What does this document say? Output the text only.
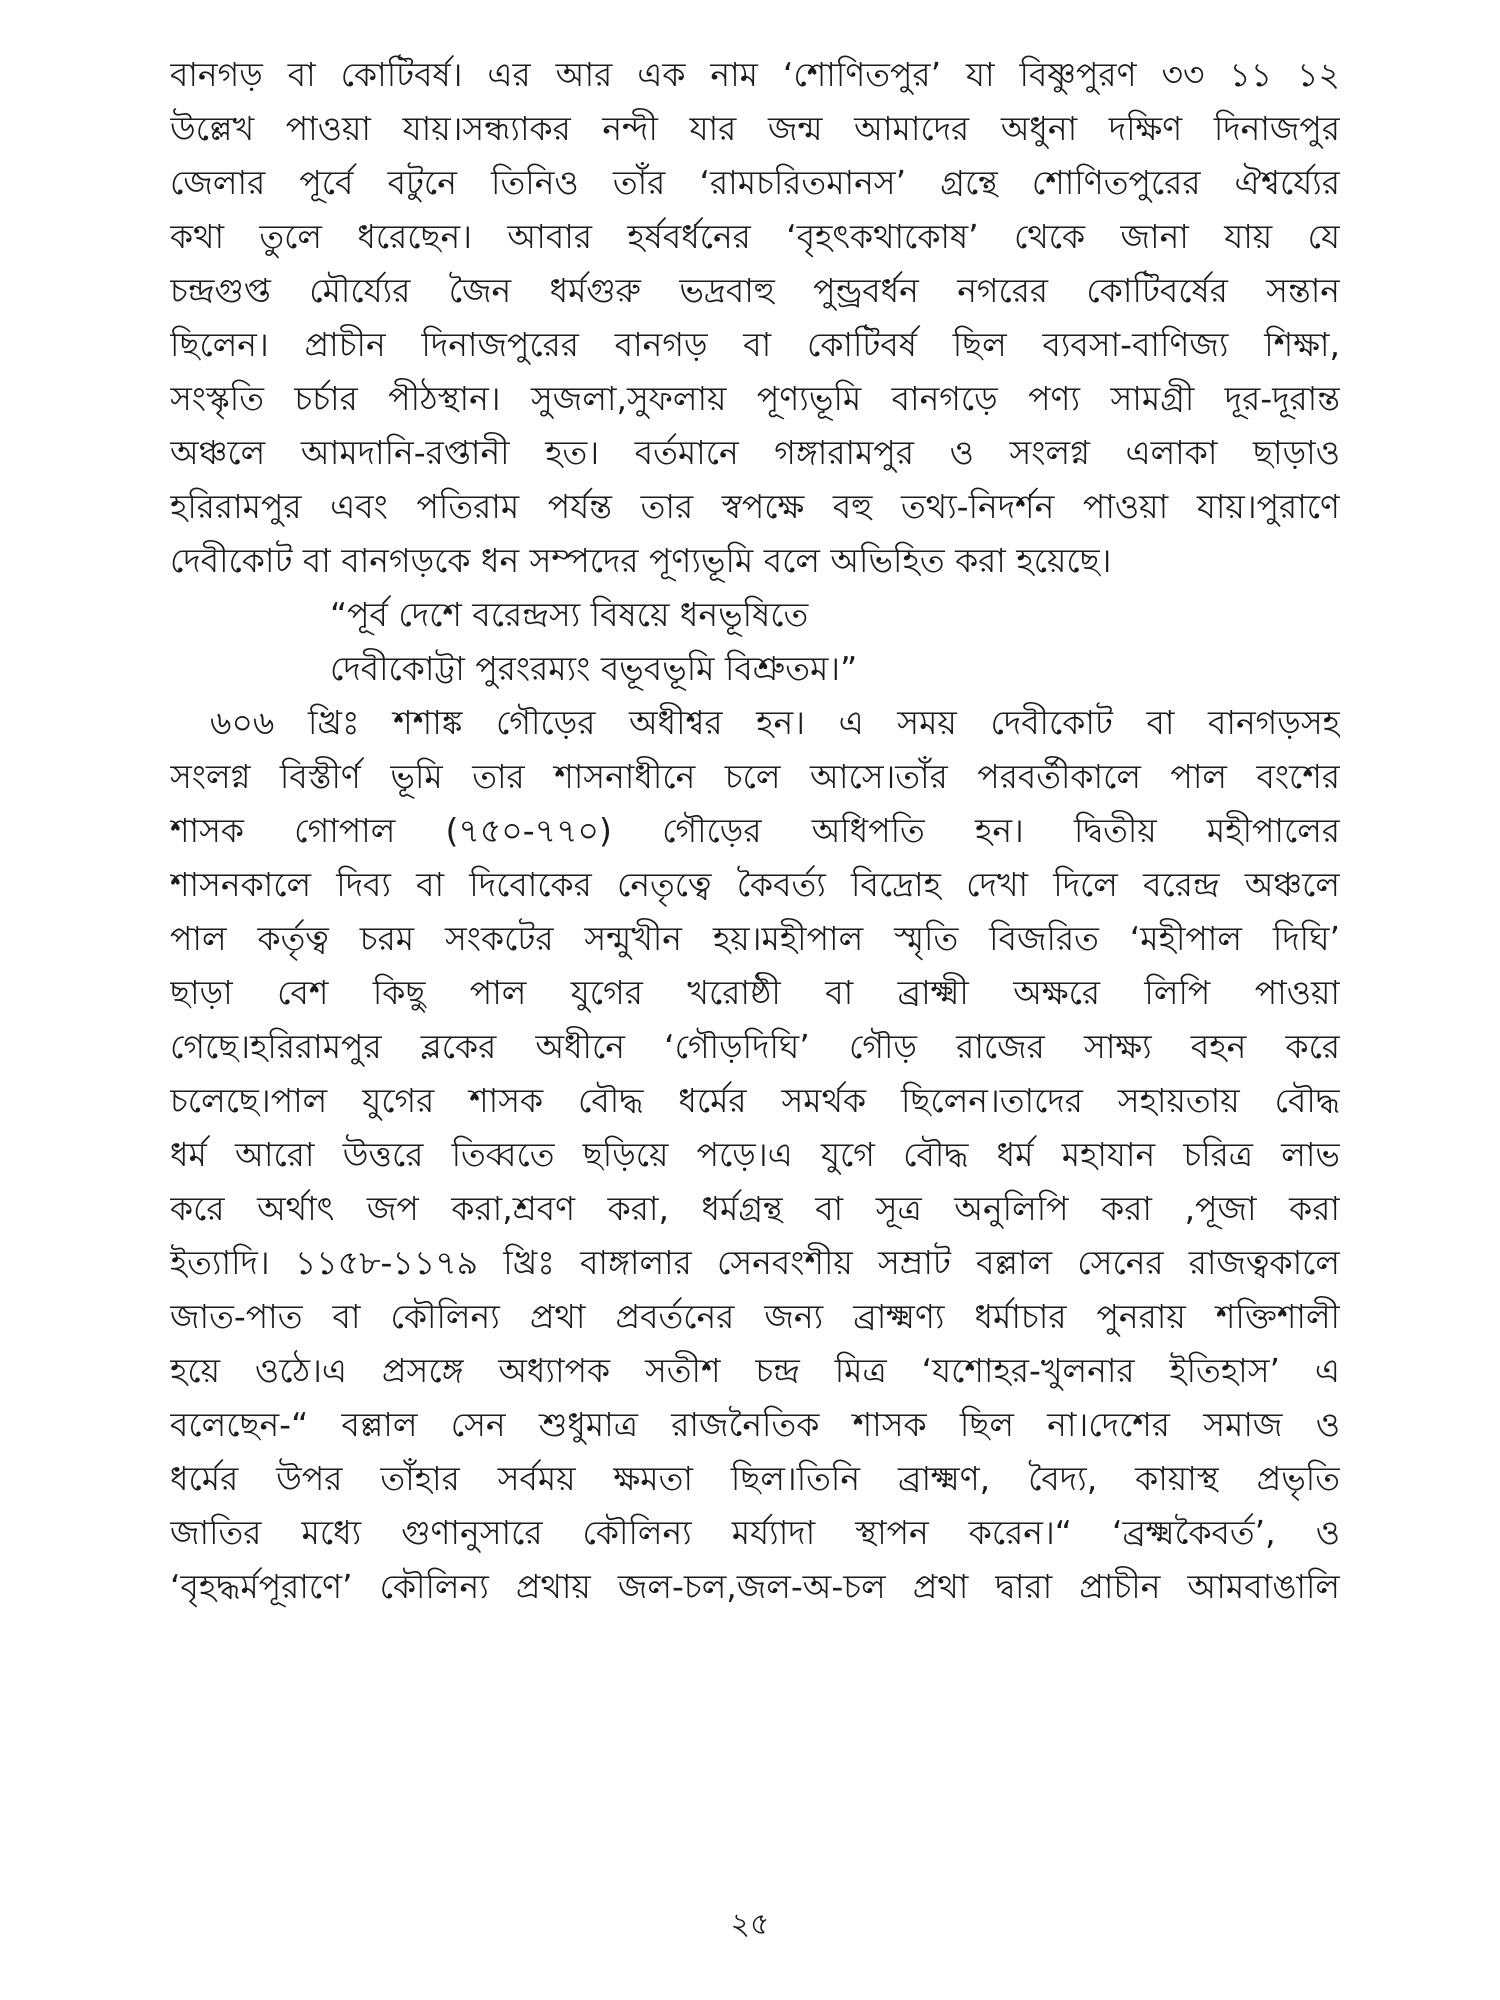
বানগড় বা কোটিবর্ষ। এর আর এক নাম ‘শোণিতপুর’ যা বিষ্ণুপুরণ ৩৩ ১১ ১২
উল্লেখ পাওয়া যায়।সন্ধ্যাকর নন্দী যার জন্ম আমাদের অধুনা দক্ষিণ দিনাজপুর
জেলার পূর্বে বটুনে তিনিও তাঁর ‘রামচরিতমানস’ গ্রন্থে শোণিতপুরের ঐশ্বর্য্যের
কথা তুলে ধরেছেন। আবার হর্ষবর্ধনের ‘বৃহৎকথাকোষ’ থেকে জানা যায় যে
চন্দ্রগুপ্ত মৌর্য্যের জৈন ধর্মগুরু ভদ্রবাহু পুন্ড্রবর্ধন নগরের কোটিবর্ষের সন্তান
ছিলেন। প্রাচীন দিনাজপুরের বানগড় বা কোটিবর্ষ ছিল ব্যবসা-বাণিজ্য শিক্ষা,
সংস্কৃতি চর্চার পীঠস্থান। সুজলা,সুফলায় পূণ্যভূমি বানগড়ে পণ্য সামগ্রী দূর-দূরান্ত
অঞ্চলে আমদানি-রপ্তানী হত। বর্তমানে গঙ্গারামপুর ও সংলগ্ন এলাকা ছাড়াও
হরিরামপুর এবং পতিরাম পর্যন্ত তার স্বপক্ষে বহু তথ্য-নিদর্শন পাওয়া যায়।পুরাণে
দেবীকোট বা বানগড়কে ধন সম্পদের পূণ্যভূমি বলে অভিহিত করা হয়েছে।
“পূর্ব দেশে বরেন্দ্রস্য বিষয়ে ধনভূষিতে
দেবীকোট্টা পুরংরম্যং বভূবভূমি বিশ্রুতম।”
৬০৬ খ্রিঃ শশাঙ্ক গৌড়ের অধীশ্বর হন। এ সময় দেবীকোট বা বানগড়সহ
সংলগ্ন বিস্তীর্ণ ভূমি তার শাসনাধীনে চলে আসে।তাঁর পরবর্তীকালে পাল বংশের
শাসক গোপাল (৭৫০-৭৭০) গৌড়ের অধিপতি হন। দ্বিতীয় মহীপালের
শাসনকালে দিব্য বা দিবোকের নেতৃত্বে কৈবর্ত্য বিদ্রোহ দেখা দিলে বরেন্দ্র অঞ্চলে
পাল কর্তৃত্ব চরম সংকটের সন্মুখীন হয়।মহীপাল স্মৃতি বিজরিত ‘মহীপাল দিঘি’
ছাড়া বেশ কিছু পাল যুগের খরোষ্ঠী বা ব্রাক্ষ্মী অক্ষরে লিপি পাওয়া
গেছে।হরিরামপুর ব্লকের অধীনে ‘গৌড়দিঘি’ গৌড় রাজের সাক্ষ্য বহন করে
চলেছে।পাল যুগের শাসক বৌদ্ধ ধর্মের সমর্থক ছিলেন।তাদের সহায়তায় বৌদ্ধ
ধর্ম আরো উত্তরে তিব্বতে ছড়িয়ে পড়ে।এ যুগে বৌদ্ধ ধর্ম মহাযান চরিত্র লাভ
করে অর্থাৎ জপ করা,শ্রবণ করা, ধর্মগ্রন্থ বা সূত্র অনুলিপি করা ,পূজা করা
ইত্যাদি। ১১৫৮-১১৭৯ খ্রিঃ বাঙ্গালার সেনবংশীয় সম্রাট বল্লাল সেনের রাজত্বকালে
জাত-পাত বা কৌলিন্য প্রথা প্রবর্তনের জন্য ব্রাক্ষ্মণ্য ধর্মাচার পুনরায় শক্তিশালী
হয়ে ওঠে।এ প্রসঙ্গে অধ্যাপক সতীশ চন্দ্র মিত্র ‘যশোহর-খুলনার ইতিহাস’ এ
বলেছেন-“ বল্লাল সেন শুধুমাত্র রাজনৈতিক শাসক ছিল না।দেশের সমাজ ও
ধর্মের উপর তাঁহার সর্বময় ক্ষমতা ছিল।তিনি ব্রাক্ষ্মণ, বৈদ্য, কায়াস্থ প্রভৃতি
জাতির মধ্যে গুণানুসারে কৌলিন্য মর্য্যাদা স্থাপন করেন।“ ‘ব্রক্ষ্মকৈবর্ত’, ও
‘বৃহদ্ধর্মপূরাণে’ কৌলিন্য প্রথায় জল-চল,জল-অ-চল প্রথা দ্বারা প্রাচীন আমবাঙালি
২৫
